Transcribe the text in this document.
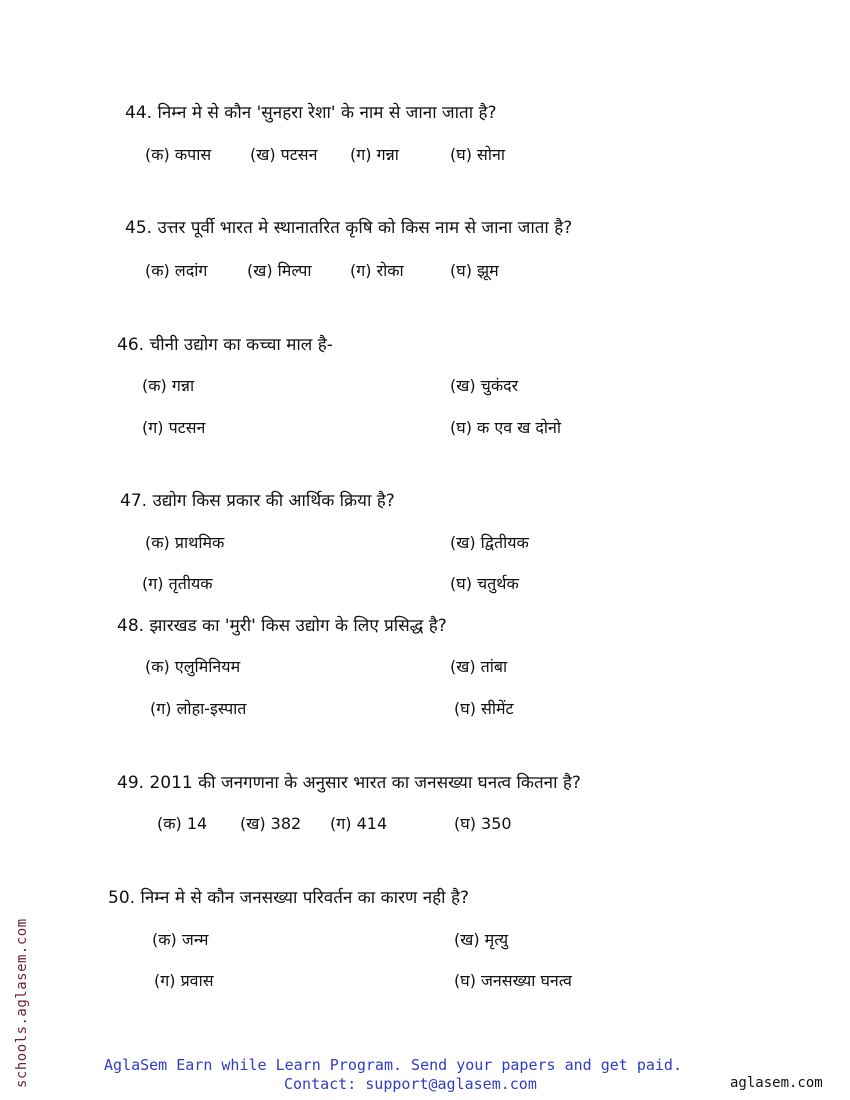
44. निम्न मे से कौन 'सुनहरा रेशा' के नाम से जाना जाता है?
(क) कपास (ख) पटसन (ग) गन्ना	(घ) सोना
45. उत्तर पूर्वी भारत मे स्थानातरित कृषि को किस नाम से जाना जाता है?
(क) लदांग (ख) मिल्पा (ग) रोका	(घ) झूम
46. चीनी उद्योग का कच्चा माल है-
(क) गन्ना	(ख) चुकंदर
(ग) पटसन	(घ) क एव ख दोनो
47. उद्योग किस प्रकार की आर्थिक क्रिया है?
(क) प्राथमिक	(ख) द्वितीयक
(ग) तृतीयक	(घ) चतुर्थक
48. झारखड का 'मुरी' किस उद्योग के लिए प्रसिद्ध है?
(क) एलुमिनियम	(ख) तांबा
(ग) लोहा-इस्पात	(घ) सीमेंट
49. 2011 की जनगणना के अनुसार भारत का जनसख्या घनत्व कितना है?
(क) 14 (ख) 382 (ग) 414	(घ) 350
50. निम्न मे से कौन जनसख्या परिवर्तन का कारण नही है?
(क) जन्म	(ख) मृत्यु
(ग) प्रवास	(घ) जनसख्या घनत्व
schools.aglasem.com	AglaSem Earn while Learn Program. Send your papers and get paid.
Contact: support@aglasem.com	aglasem.com
